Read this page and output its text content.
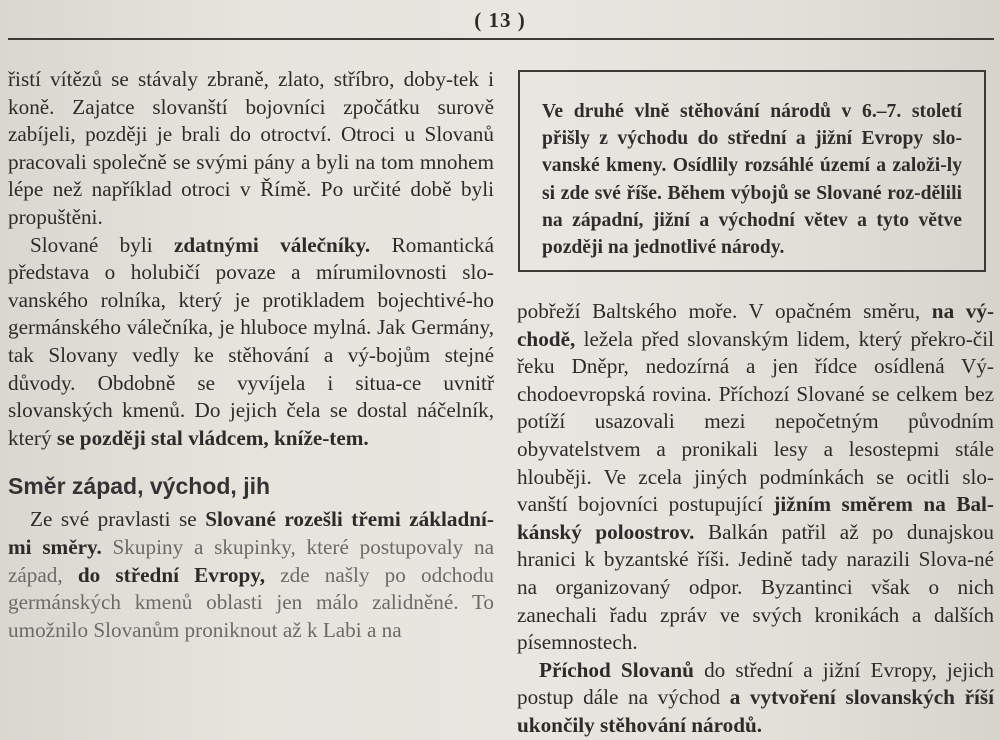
( 13 )

řistí vítězů se stávaly zbraně, zlato, stříbro, doby-tek i koně. Zajatce slovanští bojovníci zpočátku surově zabíjeli, později je brali do otroctví. Otroci u Slovanů pracovali společně se svými pány a byli na tom mnohem lépe než například otroci v Římě. Po určité době byli propuštěni.

Slované byli zdatnými válečníky. Romantická představa o holubičí povaze a mírumilovnosti slo-vanského rolníka, který je protikladem bojechtivé-ho germánského válečníka, je hluboce mylná. Jak Germány, tak Slovany vedly ke stěhování a vý-bojům stejné důvody. Obdobně se vyvíjela i situa-ce uvnitř slovanských kmenů. Do jejich čela se dostal náčelník, který se později stal vládcem, kníže-tem.

Směr západ, východ, jih

Ze své pravlasti se Slované rozešli třemi základní-mi směry. Skupiny a skupinky, které postupovaly na západ, do střední Evropy, zde našly po odchodu germánských kmenů oblasti jen málo zalidněné. To umožnilo Slovanům proniknout až k Labi a na

Ve druhé vlně stěhování národů v 6.–7. století přišly z východu do střední a jižní Evropy slo-vanské kmeny. Osídlily rozsáhlé území a založi-ly si zde své říše. Během výbojů se Slované roz-dělili na západní, jižní a východní větev a tyto větve později na jednotlivé národy.

pobřeží Baltského moře. V opačném směru, na vý-chodě, ležela před slovanským lidem, který překro-čil řeku Dněpr, nedozírná a jen řídce osídlená Vý-chodoevropská rovina. Příchozí Slované se celkem bez potíží usazovali mezi nepočetným původním obyvatelstvem a pronikali lesy a lesostepmi stále hlouběji. Ve zcela jiných podmínkách se ocitli slo-vanští bojovníci postupující jižním směrem na Bal-kánský poloostrov. Balkán patřil až po dunajskou hranici k byzantské říši. Jedině tady narazili Slova-né na organizovaný odpor. Byzantinci však o nich zanechali řadu zpráv ve svých kronikách a dalších písemnostech.

Příchod Slovanů do střední a jižní Evropy, jejich postup dále na východ a vytvoření slovanských říší ukončily stěhování národů.
